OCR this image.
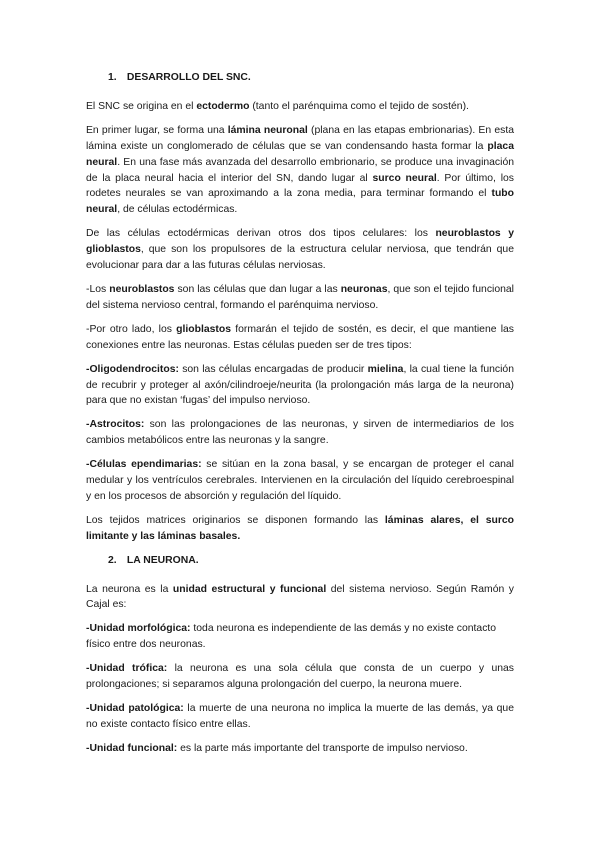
1. DESARROLLO DEL SNC.

El SNC se origina en el ectodermo (tanto el parénquima como el tejido de sostén).

En primer lugar, se forma una lámina neuronal (plana en las etapas embrionarias). En esta lámina existe un conglomerado de células que se van condensando hasta formar la placa neural. En una fase más avanzada del desarrollo embrionario, se produce una invaginación de la placa neural hacia el interior del SN, dando lugar al surco neural. Por último, los rodetes neurales se van aproximando a la zona media, para terminar formando el tubo neural, de células ectodérmicas.

De las células ectodérmicas derivan otros dos tipos celulares: los neuroblastos y glioblastos, que son los propulsores de la estructura celular nerviosa, que tendrán que evolucionar para dar a las futuras células nerviosas.

-Los neuroblastos son las células que dan lugar a las neuronas, que son el tejido funcional del sistema nervioso central, formando el parénquima nervioso.

-Por otro lado, los glioblastos formarán el tejido de sostén, es decir, el que mantiene las conexiones entre las neuronas. Estas células pueden ser de tres tipos:

-Oligodendrocitos: son las células encargadas de producir mielina, la cual tiene la función de recubrir y proteger al axón/cilindroeje/neurita (la prolongación más larga de la neurona) para que no existan ‘fugas’ del impulso nervioso.

-Astrocitos: son las prolongaciones de las neuronas, y sirven de intermediarios de los cambios metabólicos entre las neuronas y la sangre.

-Células ependimarias: se sitúan en la zona basal, y se encargan de proteger el canal medular y los ventrículos cerebrales. Intervienen en la circulación del líquido cerebroespinal y en los procesos de absorción y regulación del líquido.

Los tejidos matrices originarios se disponen formando las láminas alares, el surco limitante y las láminas basales.

2. LA NEURONA.

La neurona es la unidad estructural y funcional del sistema nervioso. Según Ramón y Cajal es:

-Unidad morfológica: toda neurona es independiente de las demás y no existe contacto físico entre dos neuronas.

-Unidad trófica: la neurona es una sola célula que consta de un cuerpo y unas prolongaciones; si separamos alguna prolongación del cuerpo, la neurona muere.

-Unidad patológica: la muerte de una neurona no implica la muerte de las demás, ya que no existe contacto físico entre ellas.

-Unidad funcional: es la parte más importante del transporte de impulso nervioso.
